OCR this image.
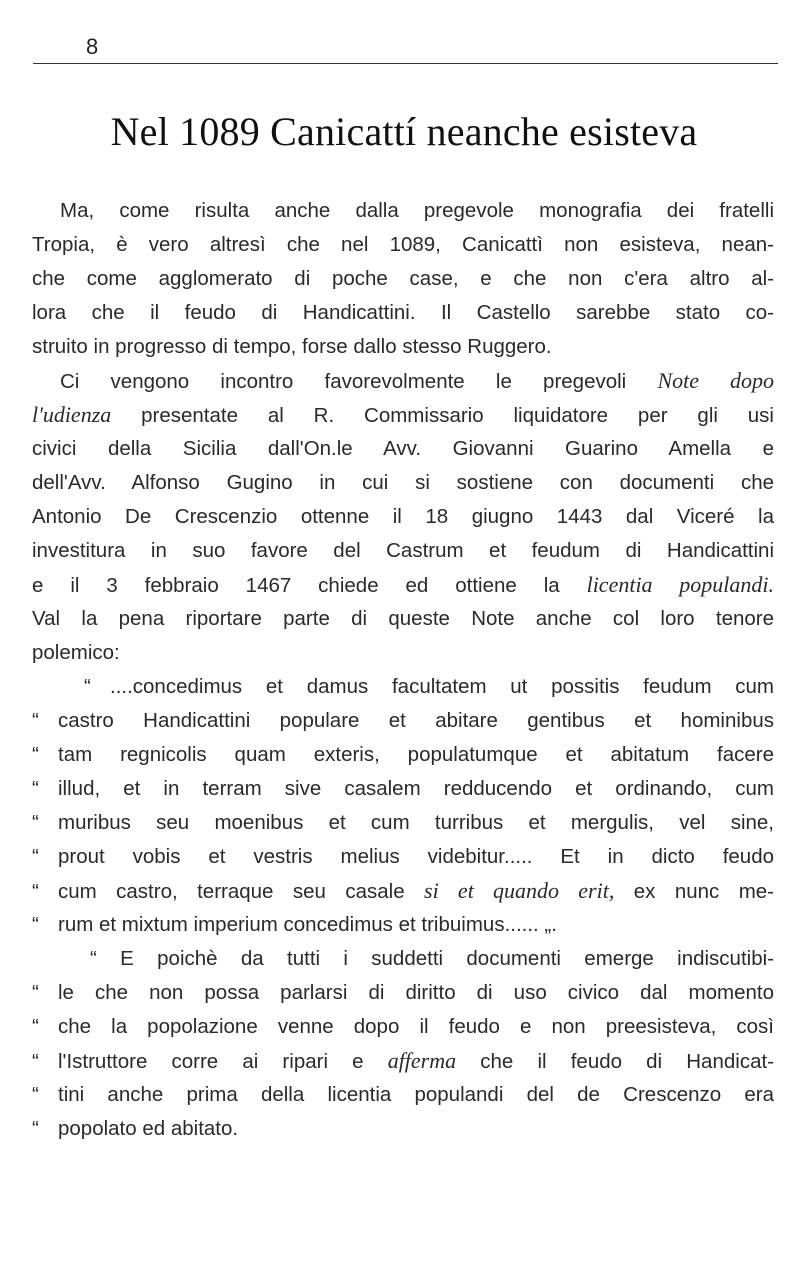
8
Nel 1089 Canicattí neanche esisteva
Ma, come risulta anche dalla pregevole monografia dei fratelli
Tropia, è vero altresì che nel 1089, Canicattì non esisteva, nean-
che come agglomerato di poche case, e che non c'era altro al-
lora che il feudo di Handicattini. Il Castello sarebbe stato co-
struito in progresso di tempo, forse dallo stesso Ruggero.
Ci vengono incontro favorevolmente le pregevoli Note dopo
l'udienza presentate al R. Commissario liquidatore per gli usi
civici della Sicilia dall'On.le Avv. Giovanni Guarino Amella e
dell'Avv. Alfonso Gugino in cui si sostiene con documenti che
Antonio De Crescenzio ottenne il 18 giugno 1443 dal Viceré la
investitura in suo favore del Castrum et feudum di Handicattini
e il 3 febbraio 1467 chiede ed ottiene la licentia populandi.
Val la pena riportare parte di queste Note anche col loro tenore
polemico:
“ ....concedimus et damus facultatem ut possitis feudum cum
“ castro Handicattini populare et abitare gentibus et hominibus
“ tam regnicolis quam exteris, populatumque et abitatum facere
“ illud, et in terram sive casalem redducendo et ordinando, cum
“ muribus seu moenibus et cum turribus et mergulis, vel sine,
“ prout vobis et vestris melius videbitur..... Et in dicto feudo
“ cum castro, terraque seu casale si et quando erit, ex nunc me-
“ rum et mixtum imperium concedimus et tribuimus...... „.
“ E poichè da tutti i suddetti documenti emerge indiscutibi-
“ le che non possa parlarsi di diritto di uso civico dal momento
“ che la popolazione venne dopo il feudo e non preesisteva, così
“ l'Istruttore corre ai ripari e afferma che il feudo di Handicat-
“ tini anche prima della licentia populandi del de Crescenzo era
“ popolato ed abitato.
